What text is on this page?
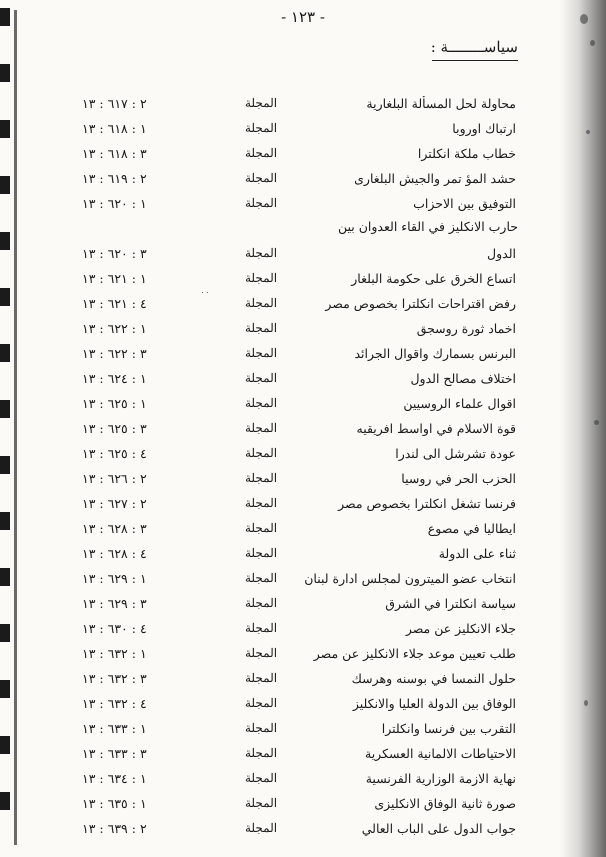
- ١٢٣ -
سياســــــــة :
حارب الانكليز في القاء العدوان بين
٠٠
محاولة لحل المسألة البلغارية
المجلة
٢ : ٦١٧ : ١٣
ارتباك اوروبا
المجلة
١ : ٦١٨ : ١٣
خطاب ملكة انكلترا
المجلة
٣ : ٦١٨ : ١٣
حشد المؤ تمر والجيش البلغارى
المجلة
٢ : ٦١٩ : ١٣
التوفيق بين الاحزاب
المجلة
١ : ٦٢٠ : ١٣
الدول
المجلة
٣ : ٦٢٠ : ١٣
اتساع الخرق على حكومة البلغار
المجلة
١ : ٦٢١ : ١٣
رفض اقتراحات انكلترا بخصوص مصر
المجلة
٤ : ٦٢١ : ١٣
اخماد ثورة روسجق
المجلة
١ : ٦٢٢ : ١٣
البرنس بسمارك واقوال الجرائد
المجلة
٣ : ٦٢٢ : ١٣
اختلاف مصالح الدول
المجلة
١ : ٦٢٤ : ١٣
اقوال علماء الروسيين
المجلة
١ : ٦٢٥ : ١٣
قوة الاسلام في اواسط افريقيه
المجلة
٣ : ٦٢٥ : ١٣
عودة تشرشل الى لندرا
المجلة
٤ : ٦٢٥ : ١٣
الحزب الحر في روسيا
المجلة
٢ : ٦٢٦ : ١٣
فرنسا تشغل انكلترا بخصوص مصر
المجلة
٢ : ٦٢٧ : ١٣
ايطاليا في مصوع
المجلة
٣ : ٦٢٨ : ١٣
ثناء على الدولة
المجلة
٤ : ٦٢٨ : ١٣
انتخاب عضو الميترون لمجلس ادارة لبنان
المجلة
١ : ٦٢٩ : ١٣
سياسة انكلترا في الشرق
المجلة
٣ : ٦٢٩ : ١٣
جلاء الانكليز عن مصر
المجلة
٤ : ٦٣٠ : ١٣
طلب تعيين موعد جلاء الانكليز عن مصر
المجلة
١ : ٦٣٢ : ١٣
حلول النمسا في بوسنه وهرسك
المجلة
٣ : ٦٣٢ : ١٣
الوفاق بين الدولة العليا والانكليز
المجلة
٤ : ٦٣٢ : ١٣
التقرب بين فرنسا وانكلترا
المجلة
١ : ٦٣٣ : ١٣
الاحتياطات الالمانية العسكرية
المجلة
٣ : ٦٣٣ : ١٣
نهاية الازمة الوزارية الفرنسية
المجلة
١ : ٦٣٤ : ١٣
صورة ثانية الوفاق الانكليزى
المجلة
١ : ٦٣٥ : ١٣
جواب الدول على الباب العالي
المجلة
٢ : ٦٣٩ : ١٣
